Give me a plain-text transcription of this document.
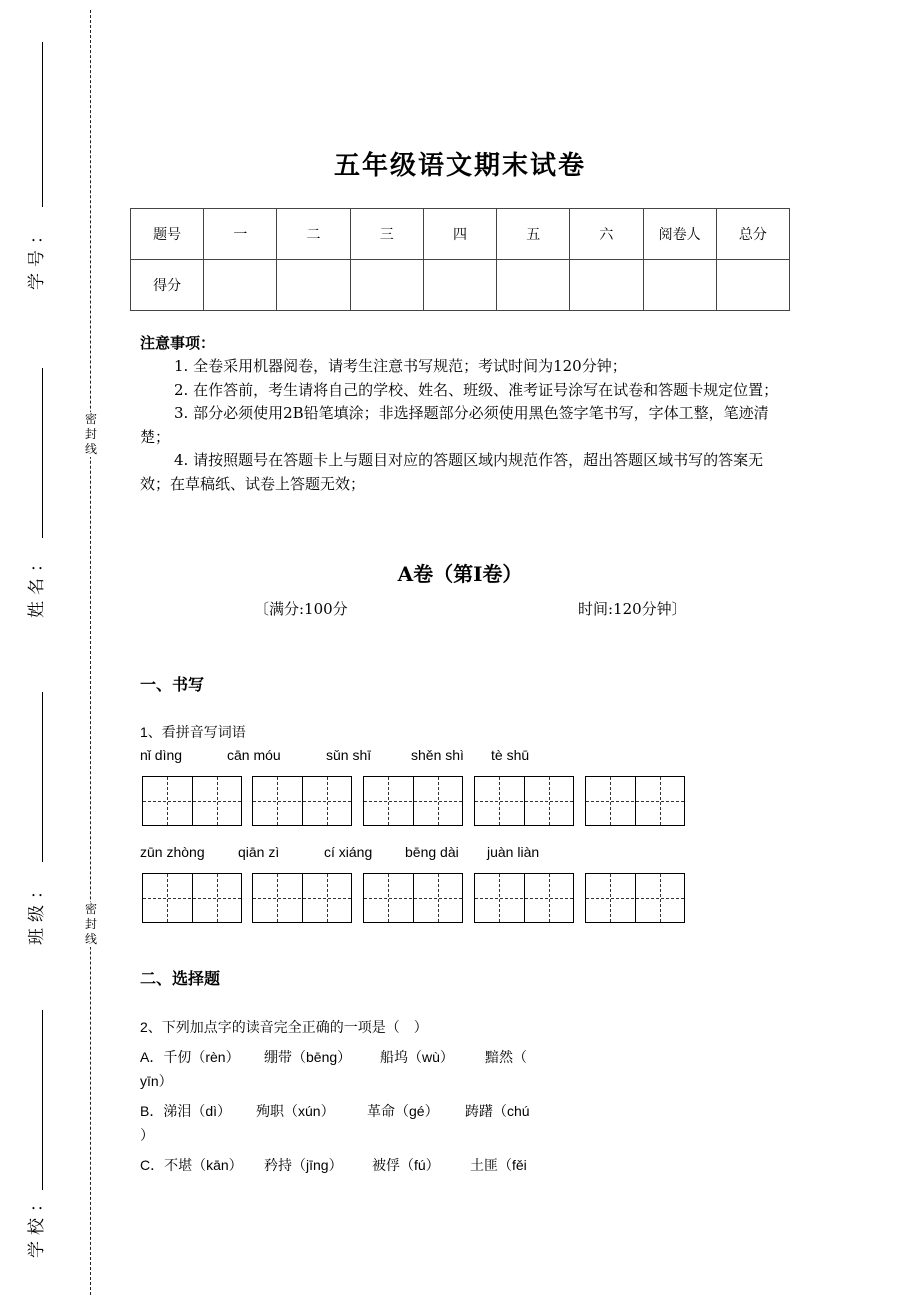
密
封
线
密
封
线
学号：
姓名：
班级：
学校：
五年级语文期末试卷
题号	一	二	三	四	五	六	阅卷人	总分
得分								
注意事项：

1. 全卷采用机器阅卷，请考生注意书写规范；考试时间为120分钟；

2. 在作答前，考生请将自己的学校、姓名、班级、准考证号涂写在试卷和答题卡规定位置；

3. 部分必须使用2B铅笔填涂；非选择题部分必须使用黑色签字笔书写，字体工整，笔迹清楚；

4. 请按照题号在答题卡上与题目对应的答题区域内规范作答，超出答题区域书写的答案无效；在草稿纸、试卷上答题无效；

A卷（第I卷）
〔满分:100分	时间:120分钟〕
一、书写
1、看拼音写词语
nǐ dìng	cān móu	sǔn shī	shěn shì tè shū
zūn zhòng qiān zì	cí xiáng bēng dài juàn liàn
二、选择题
2、下列加点字的读音完全正确的一项是（　）
A．千仞（rèn） 绷带（bēng） 船坞（wù） 黯然（
yīn）
B．涕泪（dì） 殉职（xún） 革命（gé） 踌躇（chú
）
C．不堪（kān） 矜持（jīng） 被俘（fú） 土匪（fěi
